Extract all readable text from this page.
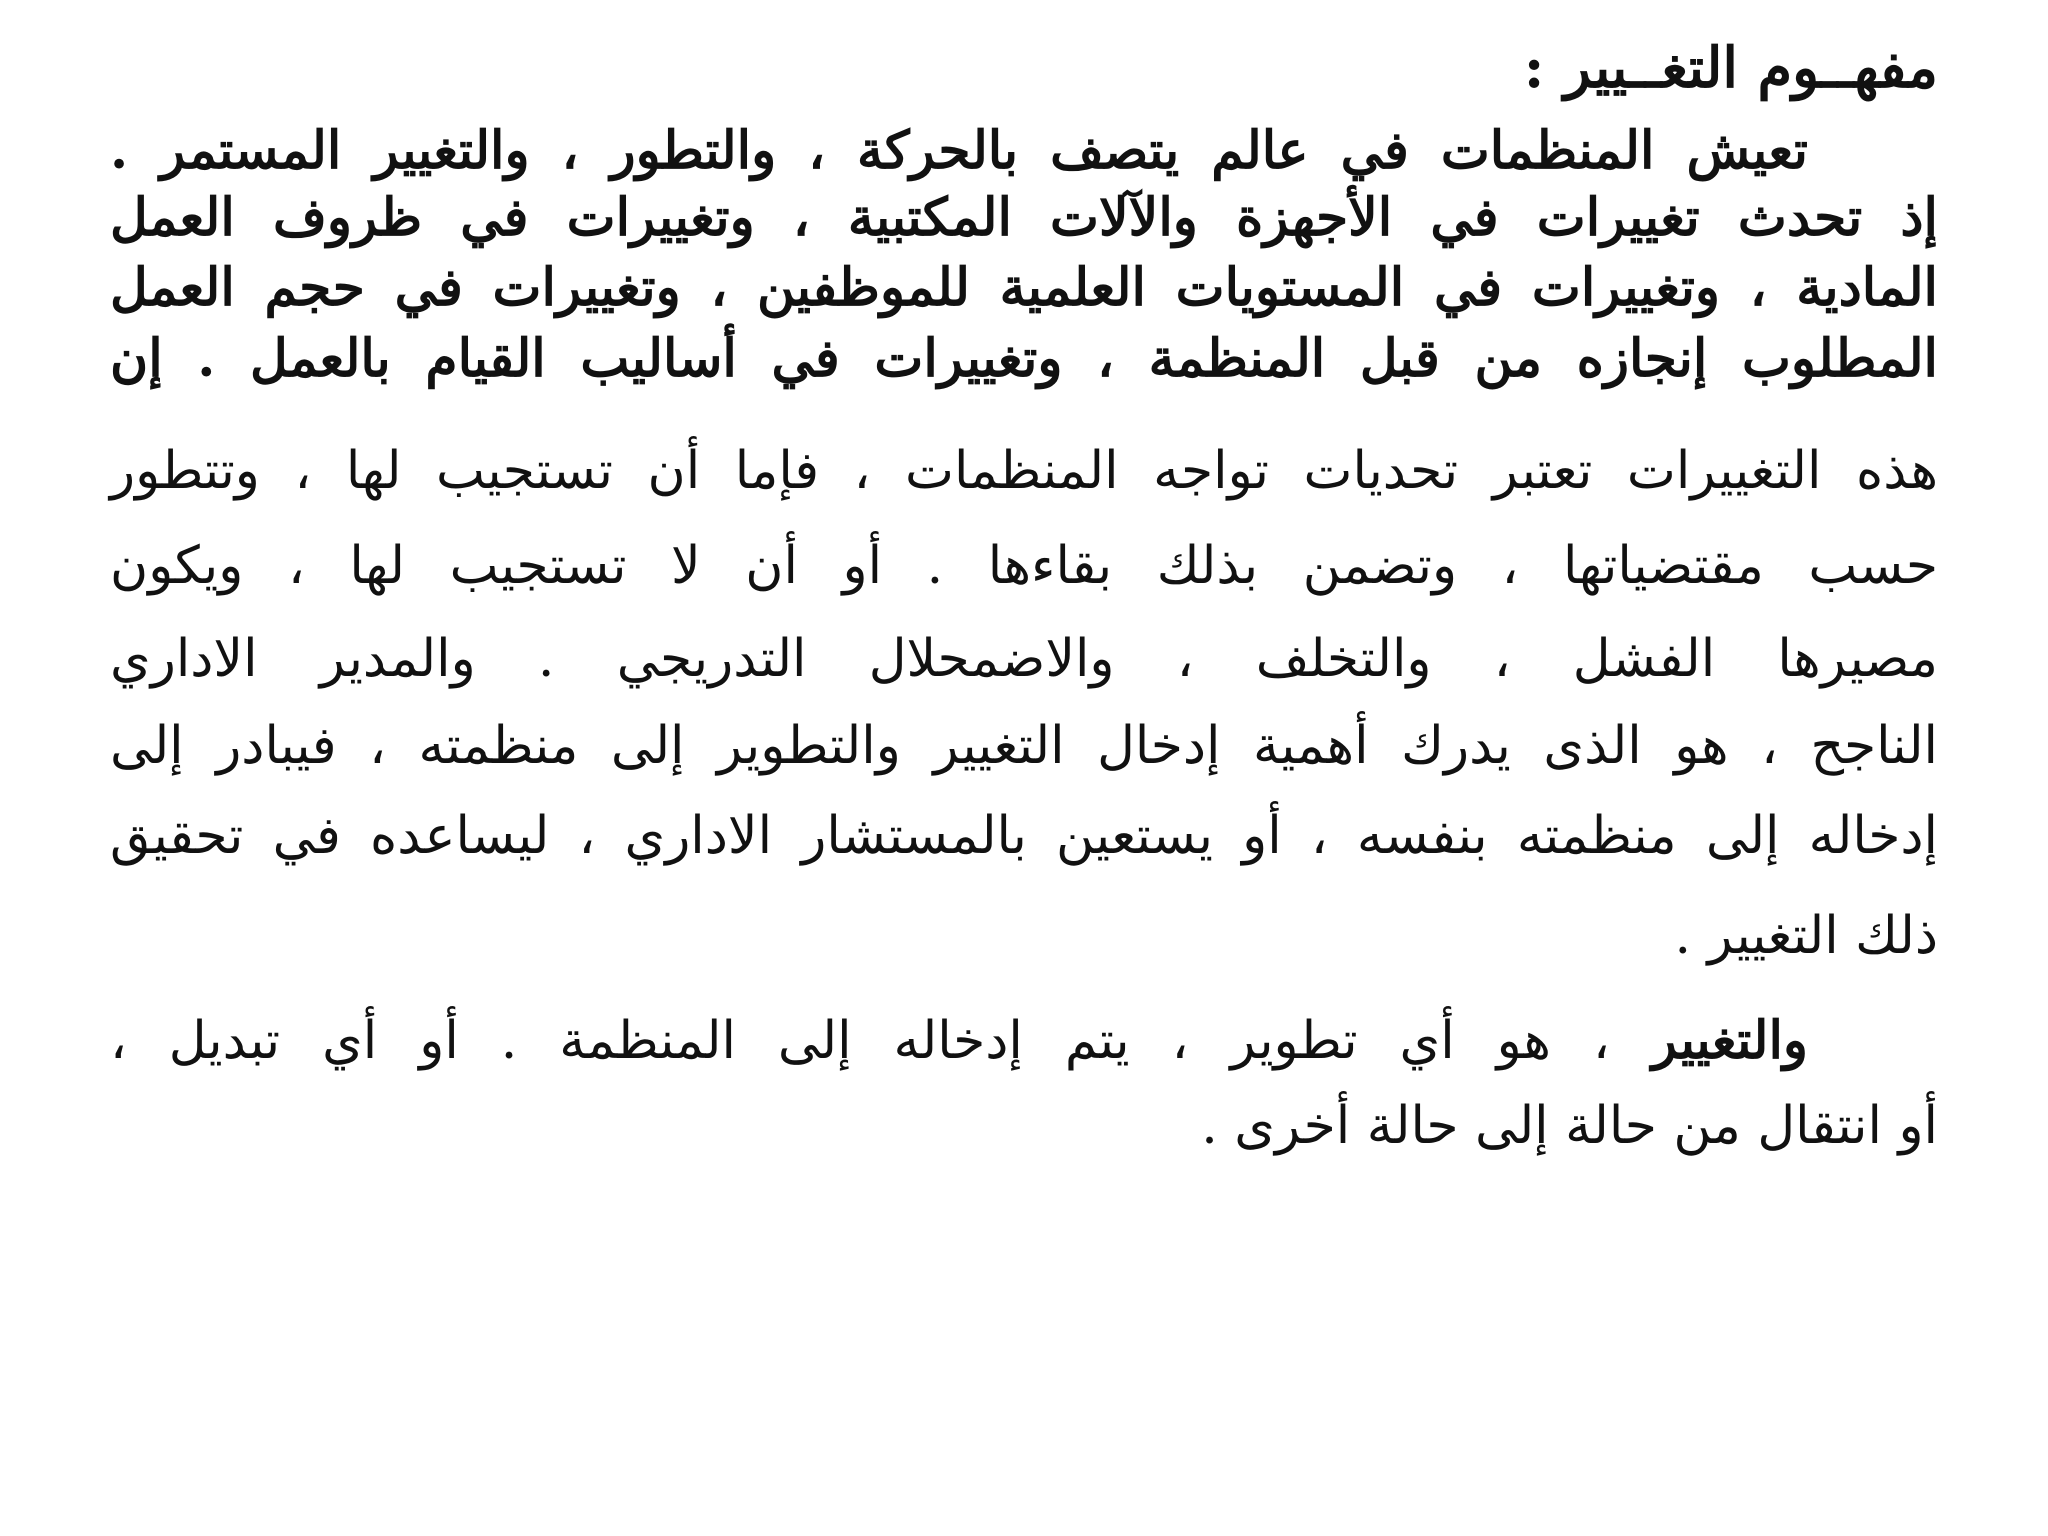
مفهــوم التغــيير :
تعيش المنظمات في عالم يتصف بالحركة ، والتطور ، والتغيير المستمر .
إذ تحدث تغييرات في الأجهزة والآلات المكتبية ، وتغييرات في ظروف العمل
المادية ، وتغييرات في المستويات العلمية للموظفين ، وتغييرات في حجم العمل
المطلوب إنجازه من قبل المنظمة ، وتغييرات في أساليب القيام بالعمل . إن
هذه التغييرات تعتبر تحديات تواجه المنظمات ، فإما أن تستجيب لها ، وتتطور
حسب مقتضياتها ، وتضمن بذلك بقاءها . أو أن لا تستجيب لها ، ويكون
مصيرها الفشل ، والتخلف ، والاضمحلال التدريجي . والمدير الاداري
الناجح ، هو الذى يدرك أهمية إدخال التغيير والتطوير إلى منظمته ، فيبادر إلى
إدخاله إلى منظمته بنفسه ، أو يستعين بالمستشار الاداري ، ليساعده في تحقيق
ذلك التغيير .
والتغيير ، هو أي تطوير ، يتم إدخاله إلى المنظمة . أو أي تبديل ،
أو انتقال من حالة إلى حالة أخرى .
